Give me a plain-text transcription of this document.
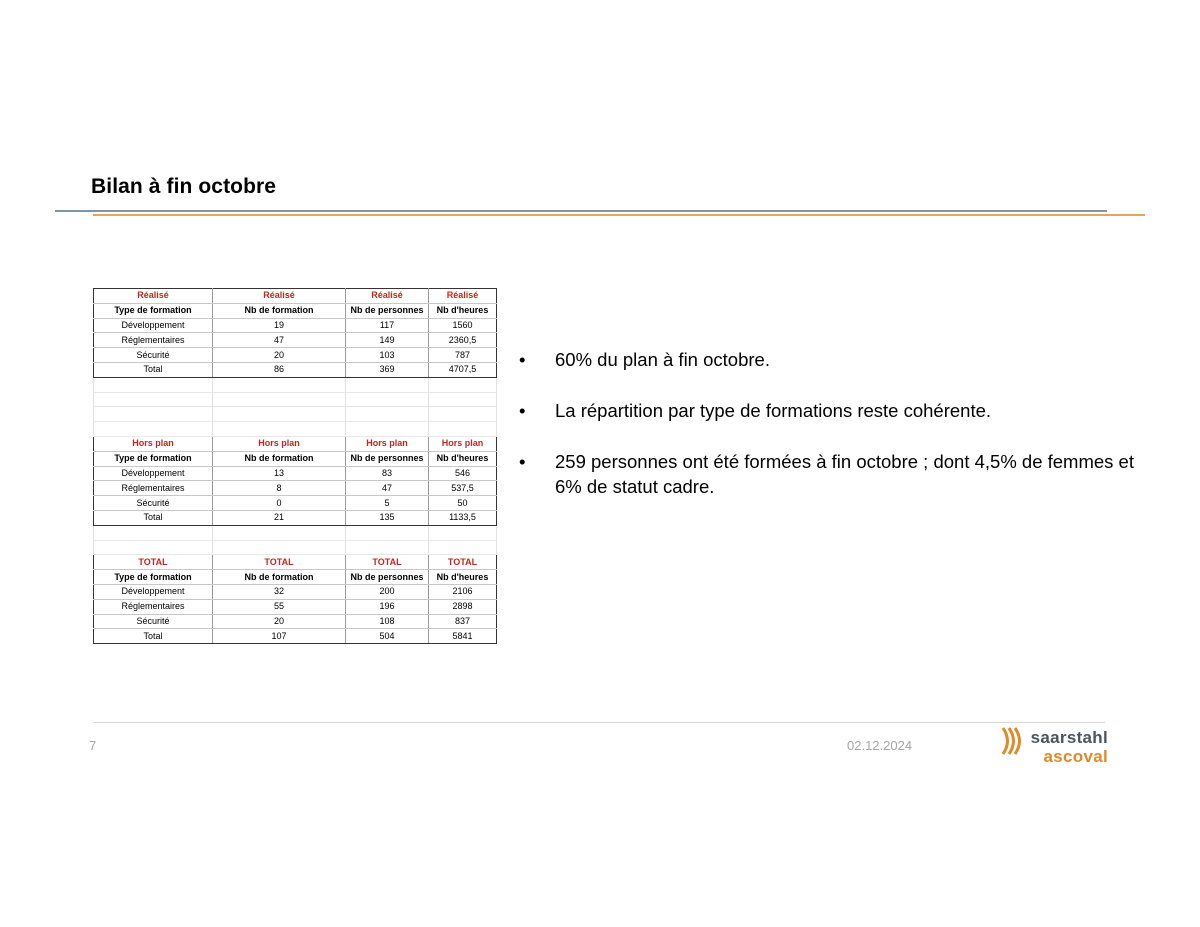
Bilan à fin octobre
Réalisé	Réalisé	Réalisé	Réalisé
Type de formation	Nb de formation	Nb de personnes	Nb d'heures
Développement	19	117	1560
Réglementaires	47	149	2360,5
Sécurité	20	103	787
Total	86	369	4707,5

Hors plan	Hors plan	Hors plan	Hors plan
Type de formation	Nb de formation	Nb de personnes	Nb d'heures
Développement	13	83	546
Réglementaires	8	47	537,5
Sécurité	0	5	50
Total	21	135	1133,5

TOTAL	TOTAL	TOTAL	TOTAL
Type de formation	Nb de formation	Nb de personnes	Nb d'heures
Développement	32	200	2106
Réglementaires	55	196	2898
Sécurité	20	108	837
Total	107	504	5841
• 60% du plan à fin octobre.
• La répartition par type de formations reste cohérente.
• 259 personnes ont été formées à fin octobre ; dont 4,5% de femmes et 6% de statut cadre.
7	02.12.2024	saarstahl
ascoval
